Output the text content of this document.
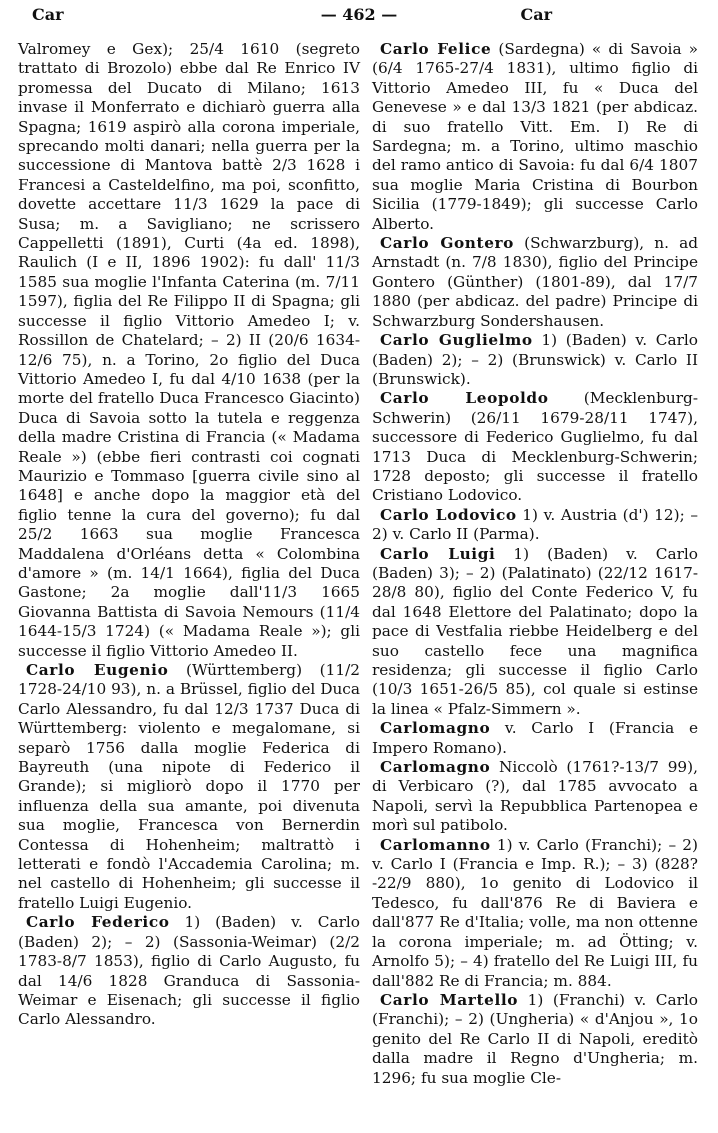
Car	— 462 —	Car

Valromey e Gex); 25/4 1610 (segreto trattato di Brozolo) ebbe dal Re Enrico IV promessa del Ducato di Milano; 1613 invase il Monferrato e dichiarò guerra alla Spagna; 1619 aspirò alla corona imperiale, sprecando molti danari; nella guerra per la successione di Mantova battè 2/3 1628 i Francesi a Casteldelfino, ma poi, sconfitto, dovette accettare 11/3 1629 la pace di Susa; m. a Savigliano; ne scrissero Cappelletti (1891), Curti (4a ed. 1898), Raulich (I e II, 1896 1902): fu dall' 11/3 1585 sua moglie l'Infanta Caterina (m. 7/11 1597), figlia del Re Filippo II di Spagna; gli successe il figlio Vittorio Amedeo I; v. Rossillon de Chatelard; – 2) II (20/6 1634-12/6 75), n. a Torino, 2o figlio del Duca Vittorio Amedeo I, fu dal 4/10 1638 (per la morte del fratello Duca Francesco Giacinto) Duca di Savoia sotto la tutela e reggenza della madre Cristina di Francia (« Madama Reale ») (ebbe fieri contrasti coi cognati Maurizio e Tommaso [guerra civile sino al 1648] e anche dopo la maggior età del figlio tenne la cura del governo); fu dal 25/2 1663 sua moglie Francesca Maddalena d'Orléans detta « Colombina d'amore » (m. 14/1 1664), figlia del Duca Gastone; 2a moglie dall'11/3 1665 Giovanna Battista di Savoia Nemours (11/4 1644-15/3 1724) (« Madama Reale »); gli successe il figlio Vittorio Amedeo II.

Carlo Eugenio (Württemberg) (11/2 1728-24/10 93), n. a Brüssel, figlio del Duca Carlo Alessandro, fu dal 12/3 1737 Duca di Württemberg: violento e megalomane, si separò 1756 dalla moglie Federica di Bayreuth (una nipote di Federico il Grande); si migliorò dopo il 1770 per influenza della sua amante, poi divenuta sua moglie, Francesca von Bernerdin Contessa di Hohenheim; maltrattò i letterati e fondò l'Accademia Carolina; m. nel castello di Hohenheim; gli successe il fratello Luigi Eugenio.

Carlo Federico 1) (Baden) v. Carlo (Baden) 2); – 2) (Sassonia-Weimar) (2/2 1783-8/7 1853), figlio di Carlo Augusto, fu dal 14/6 1828 Granduca di Sassonia-Weimar e Eisenach; gli successe il figlio Carlo Alessandro.

Carlo Felice (Sardegna) « di Savoia » (6/4 1765-27/4 1831), ultimo figlio di Vittorio Amedeo III, fu « Duca del Genevese » e dal 13/3 1821 (per abdicaz. di suo fratello Vitt. Em. I) Re di Sardegna; m. a Torino, ultimo maschio del ramo antico di Savoia: fu dal 6/4 1807 sua moglie Maria Cristina di Bourbon Sicilia (1779-1849); gli successe Carlo Alberto.

Carlo Gontero (Schwarzburg), n. ad Arnstadt (n. 7/8 1830), figlio del Principe Gontero (Günther) (1801-89), dal 17/7 1880 (per abdicaz. del padre) Principe di Schwarzburg Sondershausen.

Carlo Guglielmo 1) (Baden) v. Carlo (Baden) 2); – 2) (Brunswick) v. Carlo II (Brunswick).

Carlo Leopoldo (Mecklenburg-Schwerin) (26/11 1679-28/11 1747), successore di Federico Guglielmo, fu dal 1713 Duca di Mecklenburg-Schwerin; 1728 deposto; gli successe il fratello Cristiano Lodovico.

Carlo Lodovico 1) v. Austria (d') 12); – 2) v. Carlo II (Parma).

Carlo Luigi 1) (Baden) v. Carlo (Baden) 3); – 2) (Palatinato) (22/12 1617-28/8 80), figlio del Conte Federico V, fu dal 1648 Elettore del Palatinato; dopo la pace di Vestfalia riebbe Heidelberg e del suo castello fece una magnifica residenza; gli successe il figlio Carlo (10/3 1651-26/5 85), col quale si estinse la linea « Pfalz-Simmern ».

Carlomagno v. Carlo I (Francia e Impero Romano).

Carlomagno Niccolò (1761?-13/7 99), di Verbicaro (?), dal 1785 avvocato a Napoli, servì la Repubblica Partenopea e morì sul patibolo.

Carlomanno 1) v. Carlo (Franchi); – 2) v. Carlo I (Francia e Imp. R.); – 3) (828?-22/9 880), 1o genito di Lodovico il Tedesco, fu dall'876 Re di Baviera e dall'877 Re d'Italia; volle, ma non ottenne la corona imperiale; m. ad Ötting; v. Arnolfo 5); – 4) fratello del Re Luigi III, fu dall'882 Re di Francia; m. 884.

Carlo Martello 1) (Franchi) v. Carlo (Franchi); – 2) (Ungheria) « d'Anjou », 1o genito del Re Carlo II di Napoli, ereditò dalla madre il Regno d'Ungheria; m. 1296; fu sua moglie Cle-
